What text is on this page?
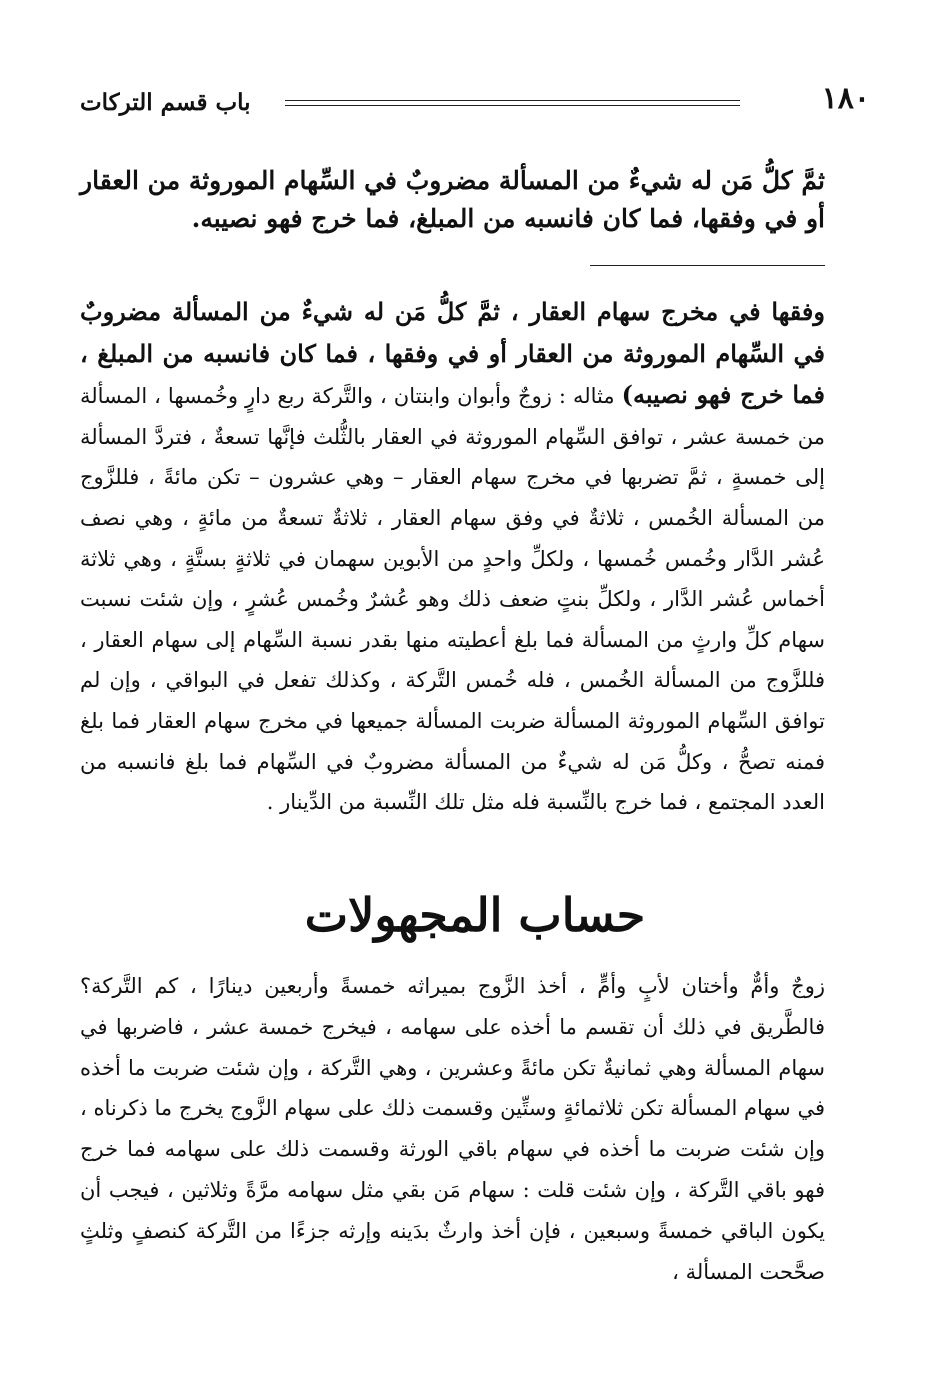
١٨٠
باب قسم التركات
ثمَّ كلُّ مَن له شيءٌ من المسألة مضروبٌ في السِّهام الموروثة من العقار أو في وفقها، فما كان فانسبه من المبلغ، فما خرج فهو نصيبه.
وفقها في مخرج سهام العقار ، ثمَّ كلُّ مَن له شيءٌ من المسألة مضروبٌ في السِّهام الموروثة من العقار أو في وفقها ، فما كان فانسبه من المبلغ ، فما خرج فهو نصيبه) مثاله : زوجٌ وأبوان وابنتان ، والتَّركة ربع دارٍ وخُمسها ، المسألة من خمسة عشر ، توافق السِّهام الموروثة في العقار بالثُّلث فإنَّها تسعةٌ ، فتردَّ المسألة إلى خمسةٍ ، ثمَّ تضربها في مخرج سهام العقار – وهي عشرون – تكن مائةً ، فللزَّوج من المسألة الخُمس ، ثلاثةٌ في وفق سهام العقار ، ثلاثةٌ تسعةٌ من مائةٍ ، وهي نصف عُشر الدَّار وخُمس خُمسها ، ولكلِّ واحدٍ من الأبوين سهمان في ثلاثةٍ بستَّةٍ ، وهي ثلاثة أخماس عُشر الدَّار ، ولكلِّ بنتٍ ضعف ذلك وهو عُشرٌ وخُمس عُشرٍ ، وإن شئت نسبت سهام كلِّ وارثٍ من المسألة فما بلغ أعطيته منها بقدر نسبة السِّهام إلى سهام العقار ، فللزَّوج من المسألة الخُمس ، فله خُمس التَّركة ، وكذلك تفعل في البواقي ، وإن لم توافق السِّهام الموروثة المسألة ضربت المسألة جميعها في مخرج سهام العقار فما بلغ فمنه تصحُّ ، وكلُّ مَن له شيءٌ من المسألة مضروبٌ في السِّهام فما بلغ فانسبه من العدد المجتمع ، فما خرج بالنِّسبة فله مثل تلك النِّسبة من الدِّينار .
حساب المجهولات
زوجٌ وأمٌّ وأختان لأبٍ وأمٍّ ، أخذ الزَّوج بميراثه خمسةً وأربعين دينارًا ، كم التَّركة؟ فالطَّريق في ذلك أن تقسم ما أخذه على سهامه ، فيخرج خمسة عشر ، فاضربها في سهام المسألة وهي ثمانيةٌ تكن مائةً وعشرين ، وهي التَّركة ، وإن شئت ضربت ما أخذه في سهام المسألة تكن ثلاثمائةٍ وستِّين وقسمت ذلك على سهام الزَّوج يخرج ما ذكرناه ، وإن شئت ضربت ما أخذه في سهام باقي الورثة وقسمت ذلك على سهامه فما خرج فهو باقي التَّركة ، وإن شئت قلت : سهام مَن بقي مثل سهامه مرَّةً وثلاثين ، فيجب أن يكون الباقي خمسةً وسبعين ، فإن أخذ وارثٌ بدَينه وإرثه جزءًا من التَّركة كنصفٍ وثلثٍ صحَّحت المسألة ،
